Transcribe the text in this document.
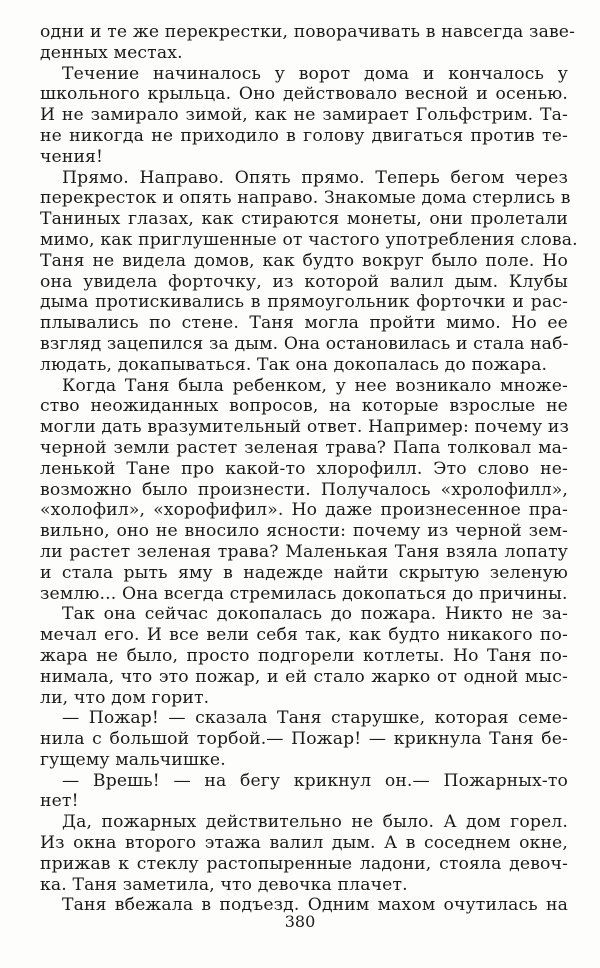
одни и те же перекрестки, поворачивать в навсегда заве-
денных местах.
Течение начиналось у ворот дома и кончалось у
школьного крыльца. Оно действовало весной и осенью.
И не замирало зимой, как не замирает Гольфстрим. Та-
не никогда не приходило в голову двигаться против те-
чения!
Прямо. Направо. Опять прямо. Теперь бегом через
перекресток и опять направо. Знакомые дома стерлись в
Таниных глазах, как стираются монеты, они пролетали
мимо, как приглушенные от частого употребления слова.
Таня не видела домов, как будто вокруг было поле. Но
она увидела форточку, из которой валил дым. Клубы
дыма протискивались в прямоугольник форточки и рас-
плывались по стене. Таня могла пройти мимо. Но ее
взгляд зацепился за дым. Она остановилась и стала наб-
людать, докапываться. Так она докопалась до пожара.
Когда Таня была ребенком, у нее возникало множе-
ство неожиданных вопросов, на которые взрослые не
могли дать вразумительный ответ. Например: почему из
черной земли растет зеленая трава? Папа толковал ма-
ленькой Тане про какой-то хлорофилл. Это слово не-
возможно было произнести. Получалось «хролофилл»,
«холофил», «хорофифил». Но даже произнесенное пра-
вильно, оно не вносило ясности: почему из черной зем-
ли растет зеленая трава? Маленькая Таня взяла лопату
и стала рыть яму в надежде найти скрытую зеленую
землю... Она всегда стремилась докопаться до причины.
Так она сейчас докопалась до пожара. Никто не за-
мечал его. И все вели себя так, как будто никакого по-
жара не было, просто подгорели котлеты. Но Таня по-
нимала, что это пожар, и ей стало жарко от одной мыс-
ли, что дом горит.
— Пожар! — сказала Таня старушке, которая семе-
нила с большой торбой.— Пожар! — крикнула Таня бе-
гущему мальчишке.
— Врешь! — на бегу крикнул он.— Пожарных-то
нет!
Да, пожарных действительно не было. А дом горел.
Из окна второго этажа валил дым. А в соседнем окне,
прижав к стеклу растопыренные ладони, стояла девоч-
ка. Таня заметила, что девочка плачет.
Таня вбежала в подъезд. Одним махом очутилась на
380
